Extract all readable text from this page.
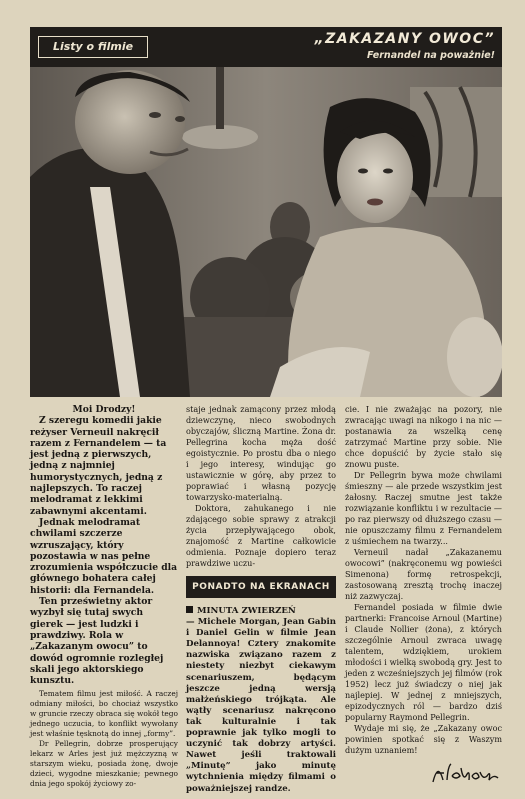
Listy o filmie	„ZAKAZANY OWOC”
Fernandel na poważnie!

Moi Drodzy!

Z szeregu komedii jakie reżyser Verneuil nakręcił razem z Fernandelem — ta jest jedną z pierwszych, jedną z najmniej humorystycznych, jedną z najlepszych. To raczej melodramat z lekkimi zabawnymi akcentami.

Jednak melodramat chwilami szczerze wzruszający, który pozostawia w nas pełne zrozumienia współczucie dla głównego bohatera całej historii: dla Fernandela.

Ten prześwietny aktor wyzbył się tutaj swych gierek — jest ludzki i prawdziwy. Rola w „Zakazanym owocu” to dowód ogromnie rozległej skali jego aktorskiego kunsztu.

Tematem filmu jest miłość. A raczej odmiany miłości, bo chociaż wszystko w gruncie rzeczy obraca się wokół tego jednego uczucia, to konflikt wywołany jest właśnie tęsknotą do innej „formy”.

Dr Pellegrin, dobrze prosperujący lekarz w Arles jest już mężczyzną w starszym wieku, posiada żonę, dwoje dzieci, wygodne mieszkanie; pewnego dnia jego spokój życiowy zo-

staje jednak zamącony przez młodą dziewczynę, nieco swobodnych obyczajów, śliczną Martine. Żona dr. Pellegrina kocha męża dość egoistycznie. Po prostu dba o niego i jego interesy, windując go ustawicznie w górę, aby przez to poprawiać i własną pozycję towarzysko-materialną.

Doktora, zahukanego i nie zdającego sobie sprawy z atrakcji życia przepływającego obok, znajomość z Martine całkowicie odmienia. Poznaje dopiero teraz prawdziwe uczu-

PONADTO NA EKRANACH

MINUTA ZWIERZEŃ

— Michele Morgan, Jean Gabin i Daniel Gelin w filmie Jean Delannoya! Cztery znakomite nazwiska związano razem z niestety niezbyt ciekawym scenariuszem, będącym jeszcze jedną wersją małżeńskiego trójkąta. Ale wątły scenariusz nakręcono tak kulturalnie i tak poprawnie jak tylko mogli to uczynić tak dobrzy artyści. Nawet jeśli traktowali „Minutę” jako minutę wytchnienia między filmami o poważniejszej randze.

cie. I nie zważając na pozory, nie zwracając uwagi na nikogo i na nic — postanawia za wszelką cenę zatrzymać Martine przy sobie. Nie chce dopuścić by życie stało się znowu puste.

Dr Pellegrin bywa może chwilami śmieszny — ale przede wszystkim jest żałosny. Raczej smutne jest także rozwiązanie konfliktu i w rezultacie — po raz pierwszy od dłuższego czasu — nie opuszczamy filmu z Fernandelem z uśmiechem na twarzy...

Verneuil nadał „Zakazanemu owocowi” (nakręconemu wg powieści Simenona) formę retrospekcji, zastosowaną zresztą trochę inaczej niż zazwyczaj.

Fernandel posiada w filmie dwie partnerki: Francoise Arnoul (Martine) i Claude Nollier (żona), z których szczególnie Arnoul zwraca uwagę talentem, wdziękiem, urokiem młodości i wielką swobodą gry. Jest to jeden z wcześniejszych jej filmów (rok 1952) lecz już świadczy o niej jak najlepiej. W jednej z mniejszych, epizodycznych ról — bardzo dziś popularny Raymond Pellegrin.

Wydaje mi się, że „Zakazany owoc powinien spotkać się z Waszym dużym uznaniem!
